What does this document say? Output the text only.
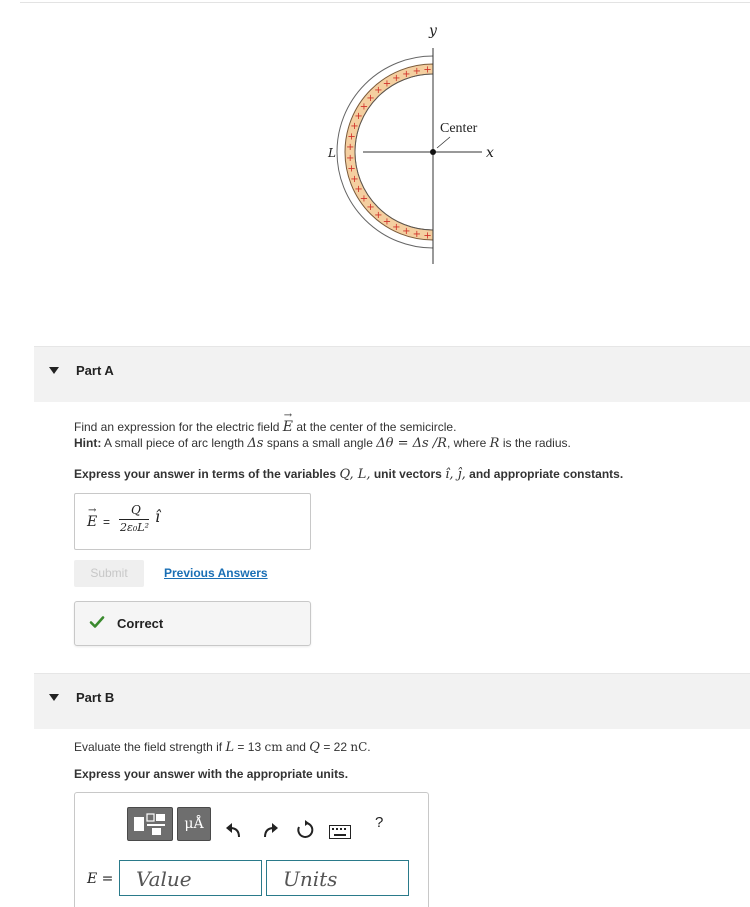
+
+
+
+
+
+
+
+
+
+
+
+
+
+
+
+
+
+
+
+ + + + +
y
x
Center
L
Part A
Find an expression for the electric field E
→
at the center of the semicircle.
Hint: A small piece of arc length Δs spans a small angle Δθ = Δs /R, where R is the radius.
Express your answer in terms of the variables Q, L, unit vectors î, ĵ, and appropriate constants.
E
→
=
Q
2ε₀L²
î
Submit	Previous Answers
Correct
Part B
Evaluate the field strength if L = 13 cm and Q = 22 nC.
Express your answer with the appropriate units.
μÅ	?
E =	Value	Units
